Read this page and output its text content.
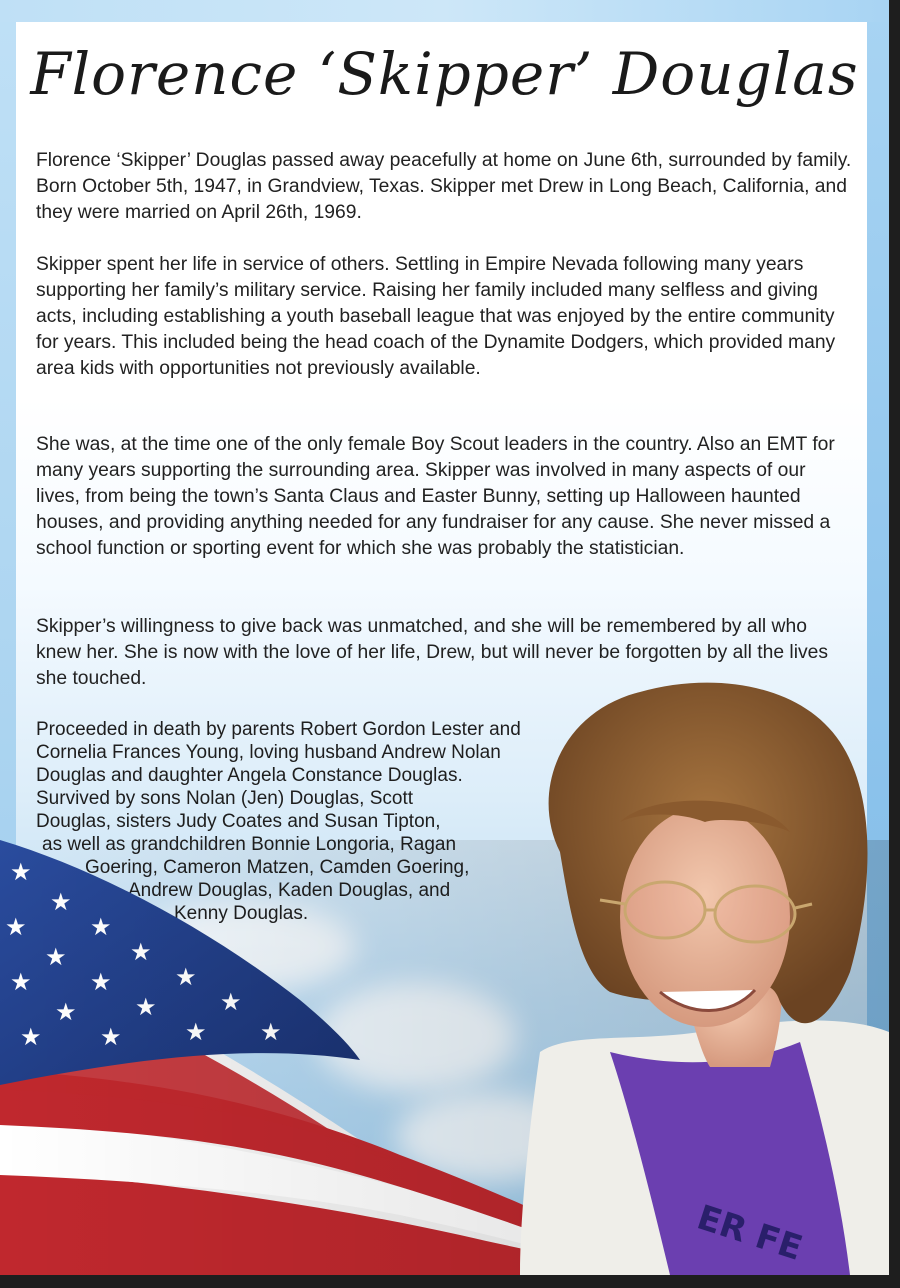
Florence ‘Skipper’ Douglas

Florence ‘Skipper’ Douglas passed away peacefully at home on June 6th, surrounded by family. Born October 5th, 1947, in Grandview, Texas. Skipper met Drew in Long Beach, California, and they were married on April 26th, 1969.

Skipper spent her life in service of others. Settling in Empire Nevada following many years supporting her family’s military service. Raising her family included many selfless and giving acts, including establishing a youth baseball league that was enjoyed by the entire community for years. This included being the head coach of the Dynamite Dodgers, which provided many area kids with opportunities not previously available.

She was, at the time one of the only female Boy Scout leaders in the country. Also an EMT for many years supporting the surrounding area. Skipper was involved in many aspects of our lives, from being the town’s Santa Claus and Easter Bunny, setting up Halloween haunted houses, and providing anything needed for any fundraiser for any cause. She never missed a school function or sporting event for which she was probably the statistician.

Skipper’s willingness to give back was unmatched, and she will be remembered by all who knew her. She is now with the love of her life, Drew, but will never be forgotten by all the lives she touched.

Proceeded in death by parents Robert Gordon Lester and
Cornelia Frances Young, loving husband Andrew Nolan
Douglas and daughter Angela Constance Douglas.
Survived by sons Nolan (Jen) Douglas, Scott
Douglas, sisters Judy Coates and Susan Tipton,
ER FE
